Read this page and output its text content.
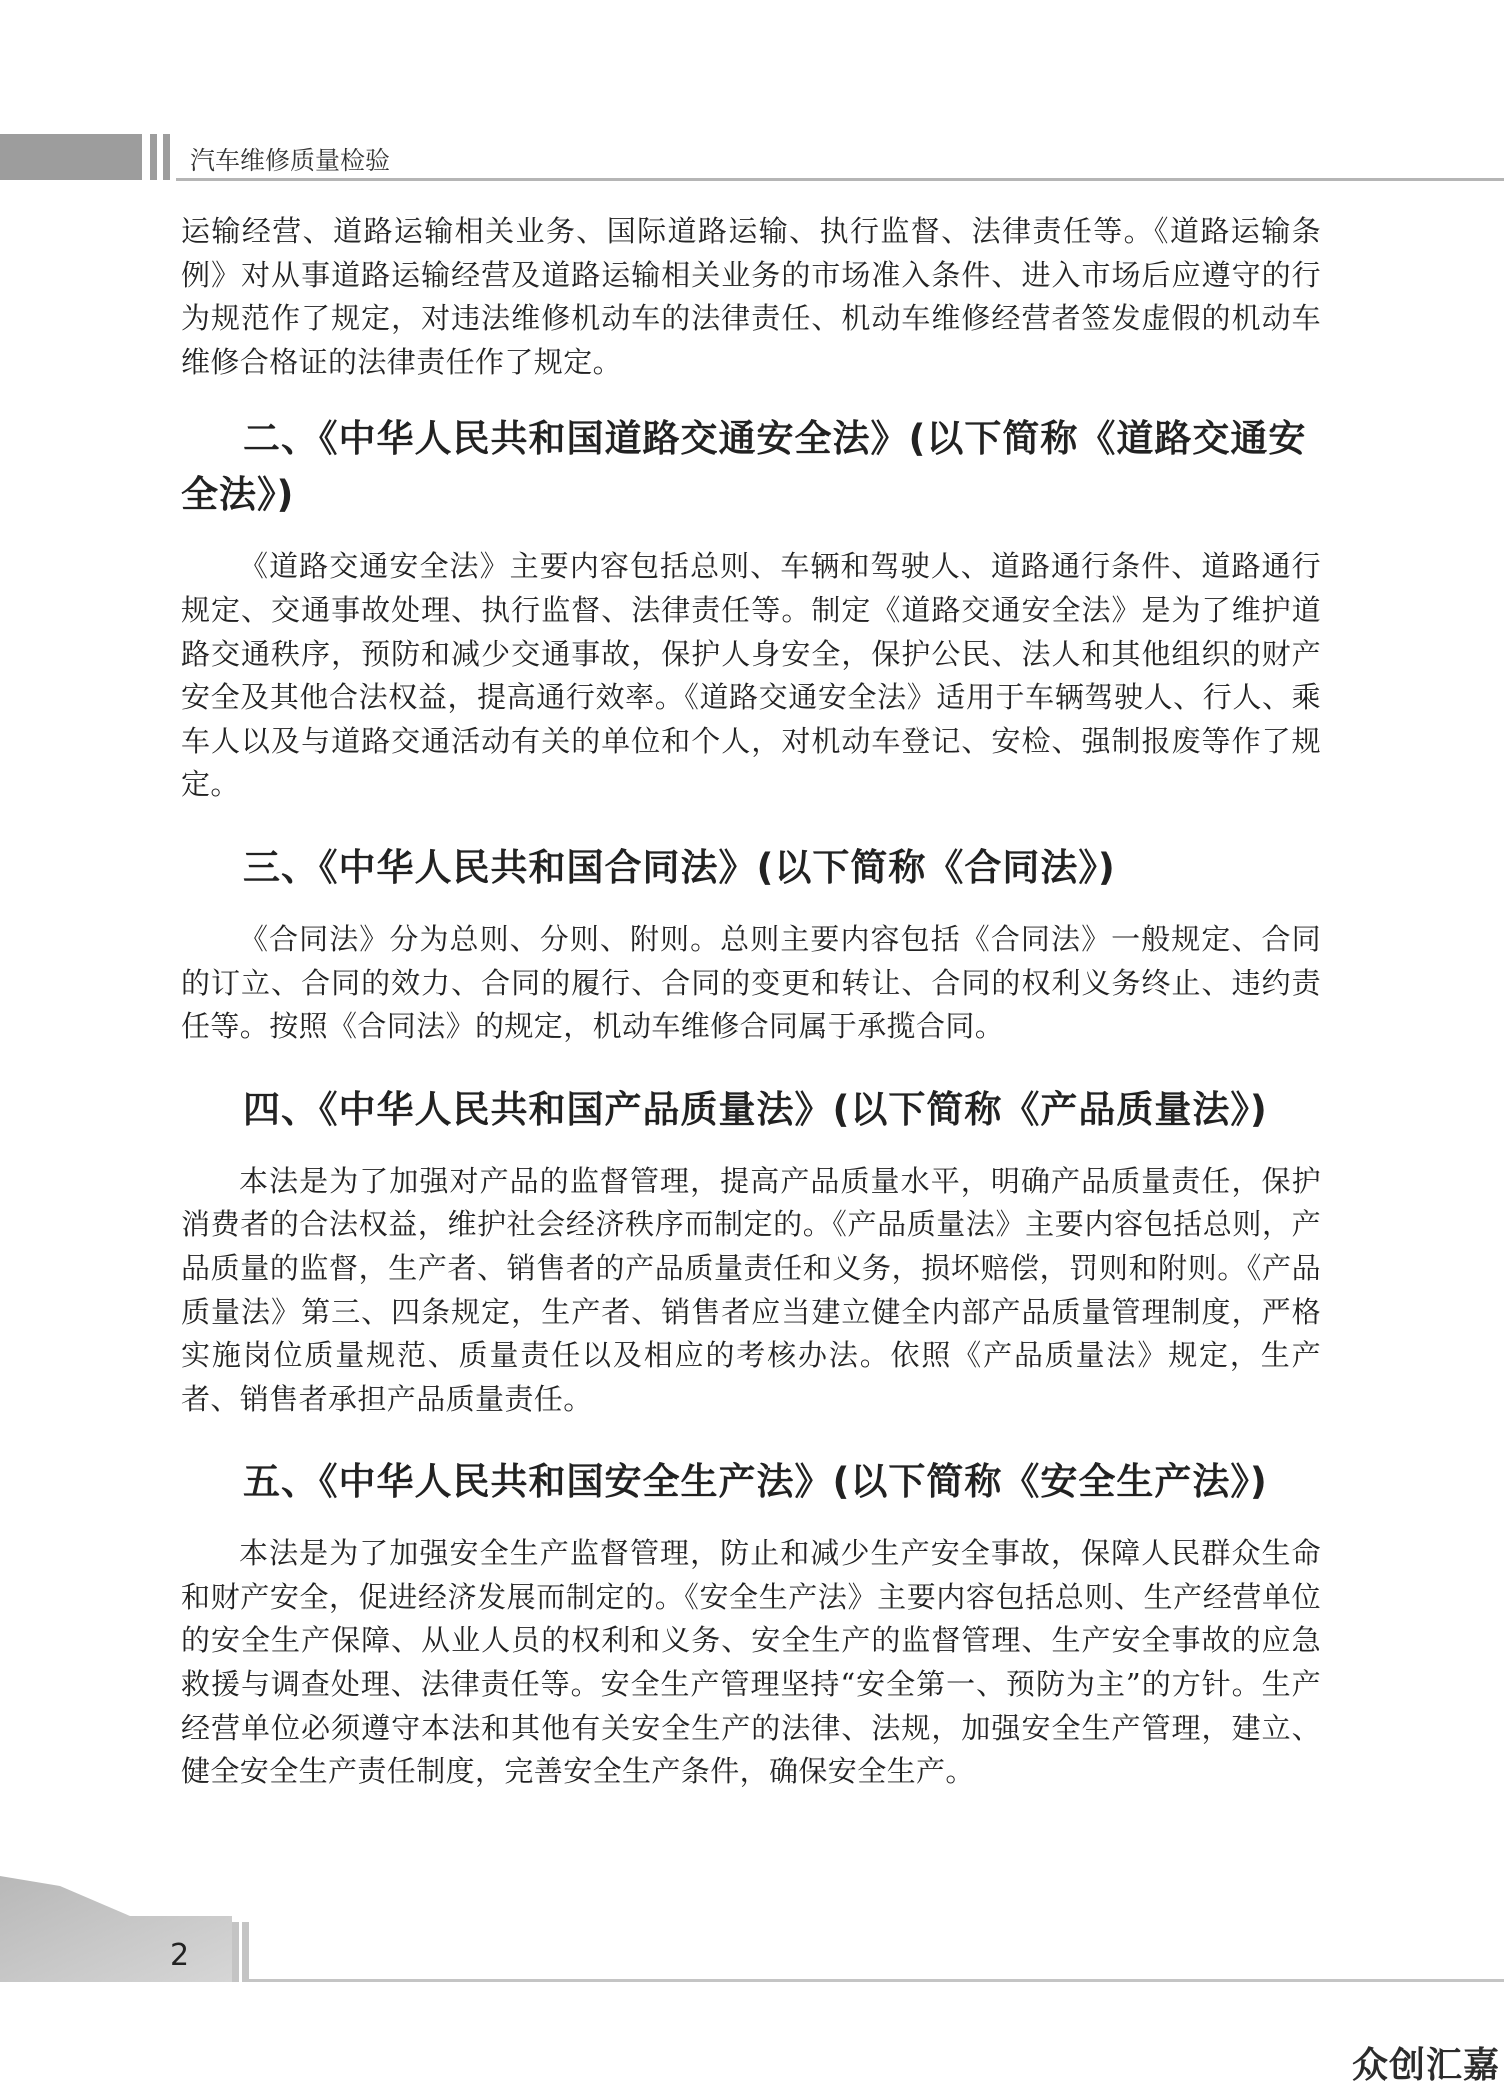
汽车维修质量检验

运输经营、道路运输相关业务、国际道路运输、执行监督、法律责任等。《道路运输条例》对从事道路运输经营及道路运输相关业务的市场准入条件、进入市场后应遵守的行为规范作了规定，对违法维修机动车的法律责任、机动车维修经营者签发虚假的机动车维修合格证的法律责任作了规定。

二、《中华人民共和国道路交通安全法》(以下简称《道路交通安全法》)

《道路交通安全法》主要内容包括总则、车辆和驾驶人、道路通行条件、道路通行规定、交通事故处理、执行监督、法律责任等。制定《道路交通安全法》是为了维护道路交通秩序，预防和减少交通事故，保护人身安全，保护公民、法人和其他组织的财产安全及其他合法权益，提高通行效率。《道路交通安全法》适用于车辆驾驶人、行人、乘车人以及与道路交通活动有关的单位和个人，对机动车登记、安检、强制报废等作了规定。

三、《中华人民共和国合同法》(以下简称《合同法》)

《合同法》分为总则、分则、附则。总则主要内容包括《合同法》一般规定、合同的订立、合同的效力、合同的履行、合同的变更和转让、合同的权利义务终止、违约责任等。按照《合同法》的规定，机动车维修合同属于承揽合同。

四、《中华人民共和国产品质量法》(以下简称《产品质量法》)

本法是为了加强对产品的监督管理，提高产品质量水平，明确产品质量责任，保护消费者的合法权益，维护社会经济秩序而制定的。《产品质量法》主要内容包括总则，产品质量的监督，生产者、销售者的产品质量责任和义务，损坏赔偿，罚则和附则。《产品质量法》第三、四条规定，生产者、销售者应当建立健全内部产品质量管理制度，严格实施岗位质量规范、质量责任以及相应的考核办法。依照《产品质量法》规定，生产者、销售者承担产品质量责任。

五、《中华人民共和国安全生产法》(以下简称《安全生产法》)

本法是为了加强安全生产监督管理，防止和减少生产安全事故，保障人民群众生命和财产安全，促进经济发展而制定的。《安全生产法》主要内容包括总则、生产经营单位的安全生产保障、从业人员的权利和义务、安全生产的监督管理、生产安全事故的应急救援与调查处理、法律责任等。安全生产管理坚持“安全第一、预防为主”的方针。生产经营单位必须遵守本法和其他有关安全生产的法律、法规，加强安全生产管理，建立、健全安全生产责任制度，完善安全生产条件，确保安全生产。

2
众创汇嘉
